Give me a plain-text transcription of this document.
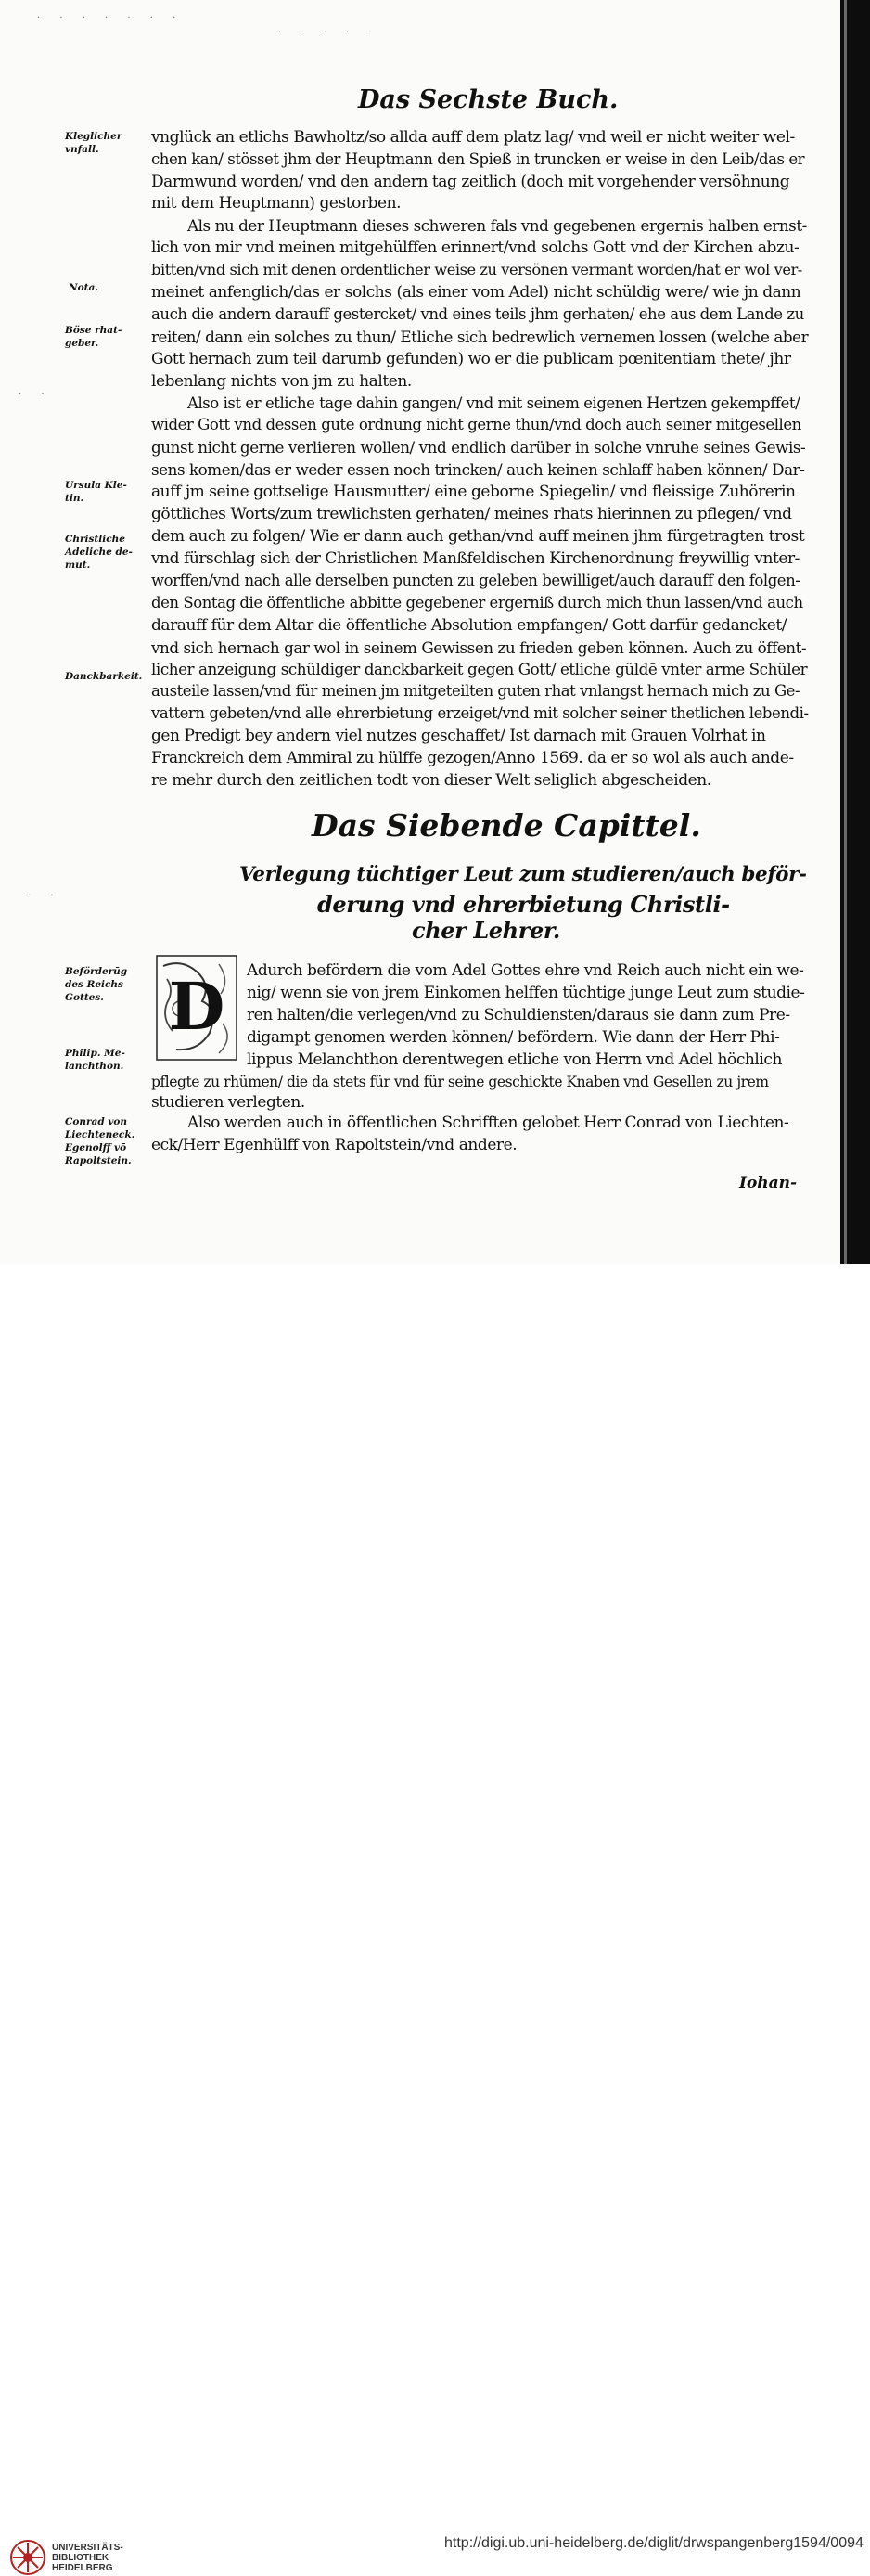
· · · · · · ·
· · · · ·
· ·
· ·
Das Sechste Buch.
Kleglicher vnfall.
Nota.
Böse rhat-geber.
Ursula Kle-tin.
Christliche Adeliche de-mut.
Danckbarkeit.
vnglück an etlichs Bawholtz/so allda auff dem platz lag/ vnd weil er nicht weiter wel-
chen kan/ stösset jhm der Heuptmann den Spieß in truncken er weise in den Leib/das er
Darmwund worden/ vnd den andern tag zeitlich (doch mit vorgehender versöhnung
mit dem Heuptmann) gestorben.
Als nu der Heuptmann dieses schweren fals vnd gegebenen ergernis halben ernst-
lich von mir vnd meinen mitgehülffen erinnert/vnd solchs Gott vnd der Kirchen abzu-
bitten/vnd sich mit denen ordentlicher weise zu versönen vermant worden/hat er wol ver-
meinet anfenglich/das er solchs (als einer vom Adel) nicht schüldig were/ wie jn dann
auch die andern darauff gestercket/ vnd eines teils jhm gerhaten/ ehe aus dem Lande zu
reiten/ dann ein solches zu thun/ Etliche sich bedrewlich vernemen lossen (welche aber
Gott hernach zum teil darumb gefunden) wo er die publicam pœnitentiam thete/ jhr
lebenlang nichts von jm zu halten.
Also ist er etliche tage dahin gangen/ vnd mit seinem eigenen Hertzen gekempffet/
wider Gott vnd dessen gute ordnung nicht gerne thun/vnd doch auch seiner mitgesellen
gunst nicht gerne verlieren wollen/ vnd endlich darüber in solche vnruhe seines Gewis-
sens komen/das er weder essen noch trincken/ auch keinen schlaff haben können/ Dar-
auff jm seine gottselige Hausmutter/ eine geborne Spiegelin/ vnd fleissige Zuhörerin
göttliches Worts/zum trewlichsten gerhaten/ meines rhats hierinnen zu pflegen/ vnd
dem auch zu folgen/ Wie er dann auch gethan/vnd auff meinen jhm fürgetragten trost
vnd fürschlag sich der Christlichen Manßfeldischen Kirchenordnung freywillig vnter-
worffen/vnd nach alle derselben puncten zu geleben bewilliget/auch darauff den folgen-
den Sontag die öffentliche abbitte gegebener ergerniß durch mich thun lassen/vnd auch
darauff für dem Altar die öffentliche Absolution empfangen/ Gott darfür gedancket/
vnd sich hernach gar wol in seinem Gewissen zu frieden geben können. Auch zu öffent-
licher anzeigung schüldiger danckbarkeit gegen Gott/ etliche güldē vnter arme Schüler
austeile lassen/vnd für meinen jm mitgeteilten guten rhat vnlangst hernach mich zu Ge-
vattern gebeten/vnd alle ehrerbietung erzeiget/vnd mit solcher seiner thetlichen lebendi-
gen Predigt bey andern viel nutzes geschaffet/ Ist darnach mit Grauen Volrhat in
Franckreich dem Ammiral zu hülffe gezogen/Anno 1569. da er so wol als auch ande-
re mehr durch den zeitlichen todt von dieser Welt seliglich abgescheiden.
Das Siebende Capittel.
Verlegung tüchtiger Leut zum studieren/auch beför-
derung vnd ehrerbietung Christli-
cher Lehrer.
D
Beförderūg des Reichs Gottes.
Philip. Me-lanchthon.
Conrad von Liechteneck. Egenolff vō Rapoltstein.
Adurch befördern die vom Adel Gottes ehre vnd Reich auch nicht ein we-
nig/ wenn sie von jrem Einkomen helffen tüchtige junge Leut zum studie-
ren halten/die verlegen/vnd zu Schuldiensten/daraus sie dann zum Pre-
digampt genomen werden können/ befördern. Wie dann der Herr Phi-
lippus Melanchthon derentwegen etliche von Herrn vnd Adel höchlich
pflegte zu rhümen/ die da stets für vnd für seine geschickte Knaben vnd Gesellen zu jrem
studieren verlegten.
Also werden auch in öffentlichen Schrifften gelobet Herr Conrad von Liechten-
eck/Herr Egenhülff von Rapoltstein/vnd andere.
Iohan-
UNIVERSITÄTS-BIBLIOTHEK HEIDELBERG
http://digi.ub.uni-heidelberg.de/diglit/drwspangenberg1594/0094
